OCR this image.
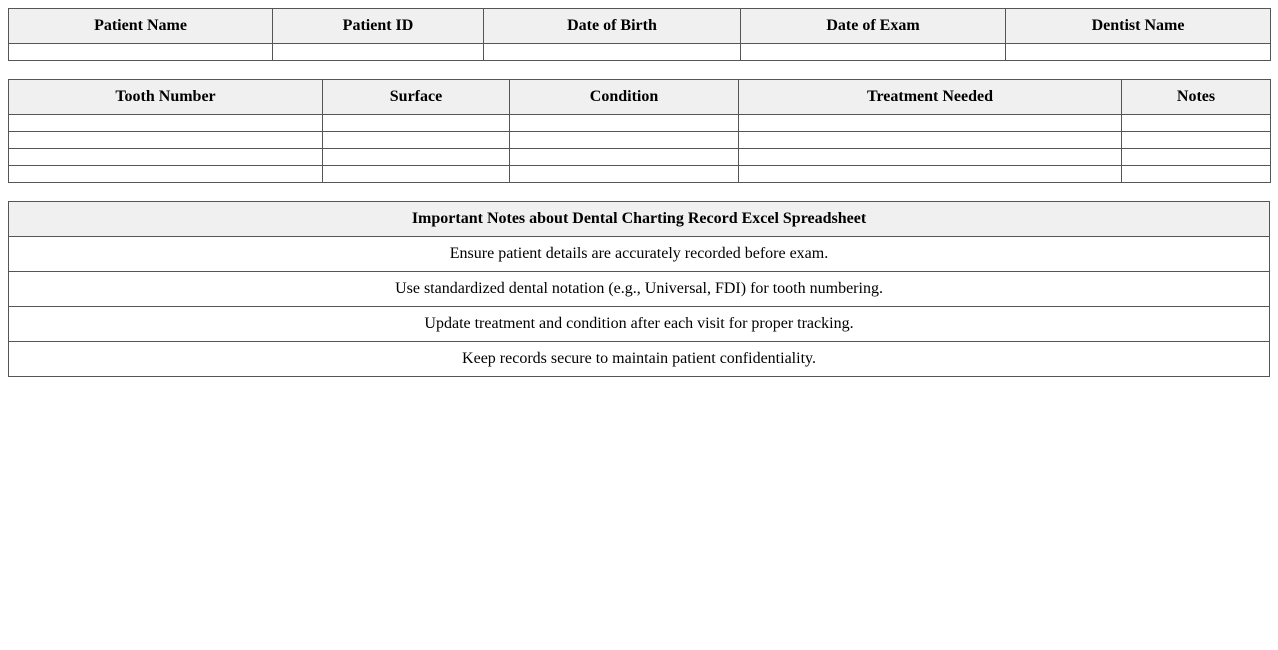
Patient Name	Patient ID	Date of Birth	Date of Exam	Dentist Name

Tooth Number	Surface	Condition	Treatment Needed	Notes

Important Notes about Dental Charting Record Excel Spreadsheet
Ensure patient details are accurately recorded before exam.
Use standardized dental notation (e.g., Universal, FDI) for tooth numbering.
Update treatment and condition after each visit for proper tracking.
Keep records secure to maintain patient confidentiality.
